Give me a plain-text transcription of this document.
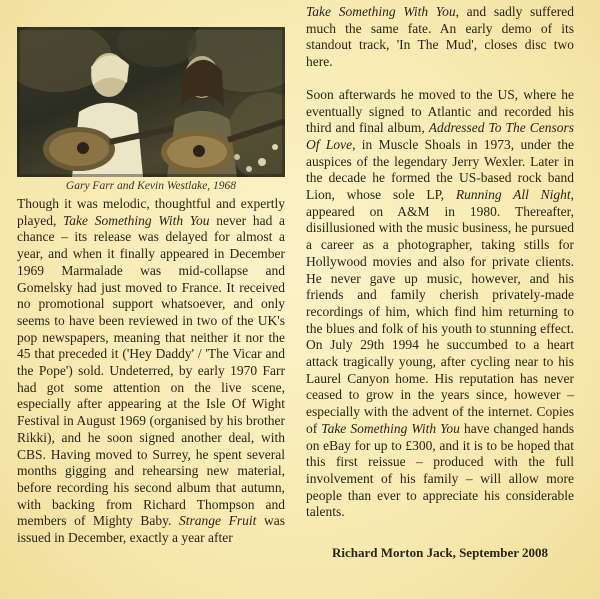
Gary Farr and Kevin Westlake, 1968

Though it was melodic, thoughtful and expertly played, Take Something With You never had a chance – its release was delayed for almost a year, and when it finally appeared in December 1969 Marmalade was mid-collapse and Gomelsky had just moved to France. It received no promotional support whatsoever, and only seems to have been reviewed in two of the UK's pop newspapers, meaning that neither it nor the 45 that preceded it ('Hey Daddy' / 'The Vicar and the Pope') sold. Undeterred, by early 1970 Farr had got some attention on the live scene, especially after appearing at the Isle Of Wight Festival in August 1969 (organised by his brother Rikki), and he soon signed another deal, with CBS. Having moved to Surrey, he spent several months gigging and rehearsing new material, before recording his second album that autumn, with backing from Richard Thompson and members of Mighty Baby. Strange Fruit was issued in December, exactly a year after

Take Something With You, and sadly suffered much the same fate. An early demo of its standout track, 'In The Mud', closes disc two here.

Soon afterwards he moved to the US, where he eventually signed to Atlantic and recorded his third and final album, Addressed To The Censors Of Love, in Muscle Shoals in 1973, under the auspices of the legendary Jerry Wexler. Later in the decade he formed the US-based rock band Lion, whose sole LP, Running All Night, appeared on A&M in 1980. Thereafter, disillusioned with the music business, he pursued a career as a photographer, taking stills for Hollywood movies and also for private clients. He never gave up music, however, and his friends and family cherish privately-made recordings of him, which find him returning to the blues and folk of his youth to stunning effect. On July 29th 1994 he succumbed to a heart attack tragically young, after cycling near to his Laurel Canyon home. His reputation has never ceased to grow in the years since, however – especially with the advent of the internet. Copies of Take Something With You have changed hands on eBay for up to £300, and it is to be hoped that this first reissue – produced with the full involvement of his family – will allow more people than ever to appreciate his considerable talents.

Richard Morton Jack, September 2008
